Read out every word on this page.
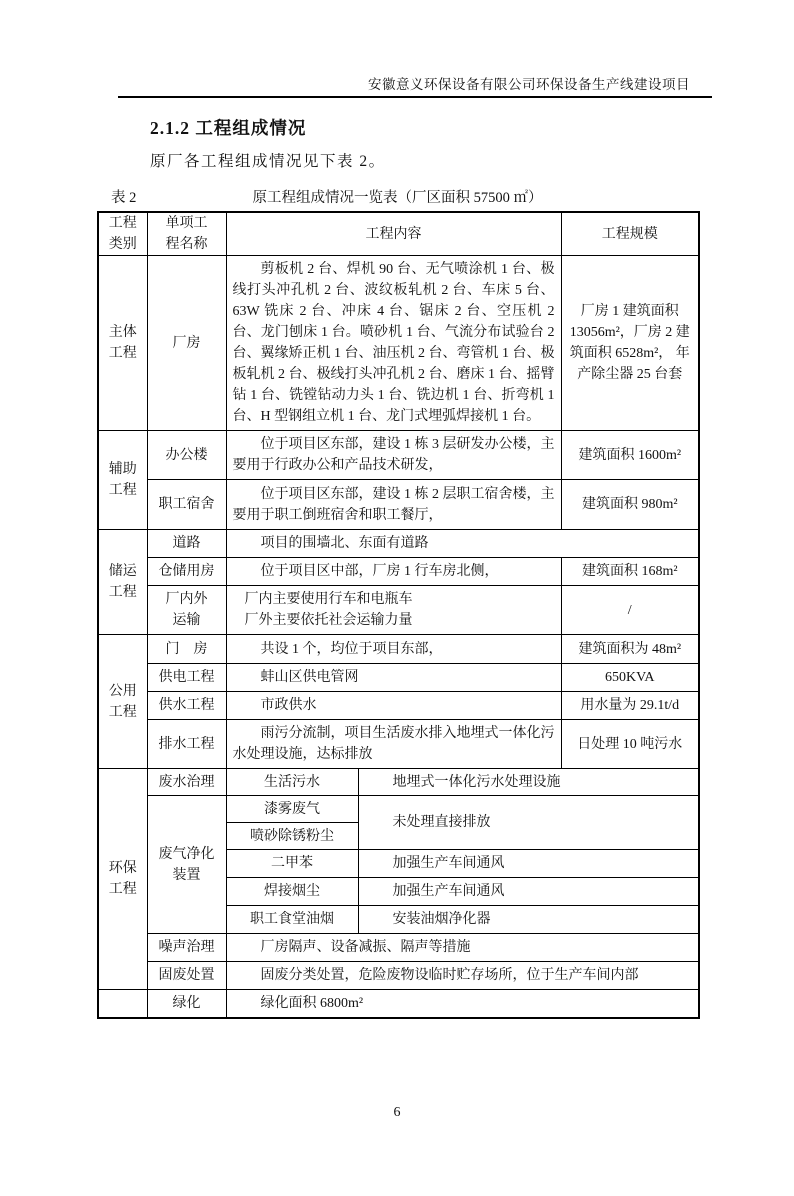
安徽意义环保设备有限公司环保设备生产线建设项目
2.1.2 工程组成情况

原厂各工程组成情况见下表 2。

表 2	原工程组成情况一览表（厂区面积 57500 ㎡）
工程类别	单项工程名称	工程内容		工程规模
主体工程	厂房	剪板机 2 台、焊机 90 台、无气喷涂机 1 台、极线打头冲孔机 2 台、波纹板轧机 2 台、车床 5 台、63W 铣床 2 台、冲床 4 台、锯床 2 台、空压机 2 台、龙门刨床 1 台。喷砂机 1 台、气流分布试验台 2 台、翼缘矫正机 1 台、油压机 2 台、弯管机 1 台、极板轧机 2 台、极线打头冲孔机 2 台、磨床 1 台、摇臂钻 1 台、铣镗钻动力头 1 台、铣边机 1 台、折弯机 1 台、H 型钢组立机 1 台、龙门式埋弧焊接机 1 台。		厂房 1 建筑面积 13056m²，厂房 2 建筑面积 6528m²， 年产除尘器 25 台套
辅助工程	办公楼	位于项目区东部，建设 1 栋 3 层研发办公楼，主要用于行政办公和产品技术研发，		建筑面积 1600m²
	职工宿舍	位于项目区东部，建设 1 栋 2 层职工宿舍楼，主要用于职工倒班宿舍和职工餐厅，		建筑面积 980m²
储运工程	道路	项目的围墙北、东面有道路		
	仓储用房	位于项目区中部，厂房 1 行车房北侧，		建筑面积 168m²
	厂内外运输	厂内主要使用行车和电瓶车
厂外主要依托社会运输力量		/
公用工程	门　房	共设 1 个，均位于项目东部，		建筑面积为 48m²
	供电工程	蚌山区供电管网		650KVA
	供水工程	市政供水		用水量为 29.1t/d
	排水工程	雨污分流制，项目生活废水排入地埋式一体化污水处理设施，达标排放		日处理 10 吨污水
环保工程	废水治理	生活污水	地埋式一体化污水处理设施	
	废气净化装置	漆雾废气	未处理直接排放	
		喷砂除锈粉尘		
		二甲苯	加强生产车间通风	
		焊接烟尘	加强生产车间通风	
		职工食堂油烟	安装油烟净化器	
	噪声治理	厂房隔声、设备减振、隔声等措施		
	固废处置	固废分类处置，危险废物设临时贮存场所，位于生产车间内部		
	绿化	绿化面积 6800m²		
6
